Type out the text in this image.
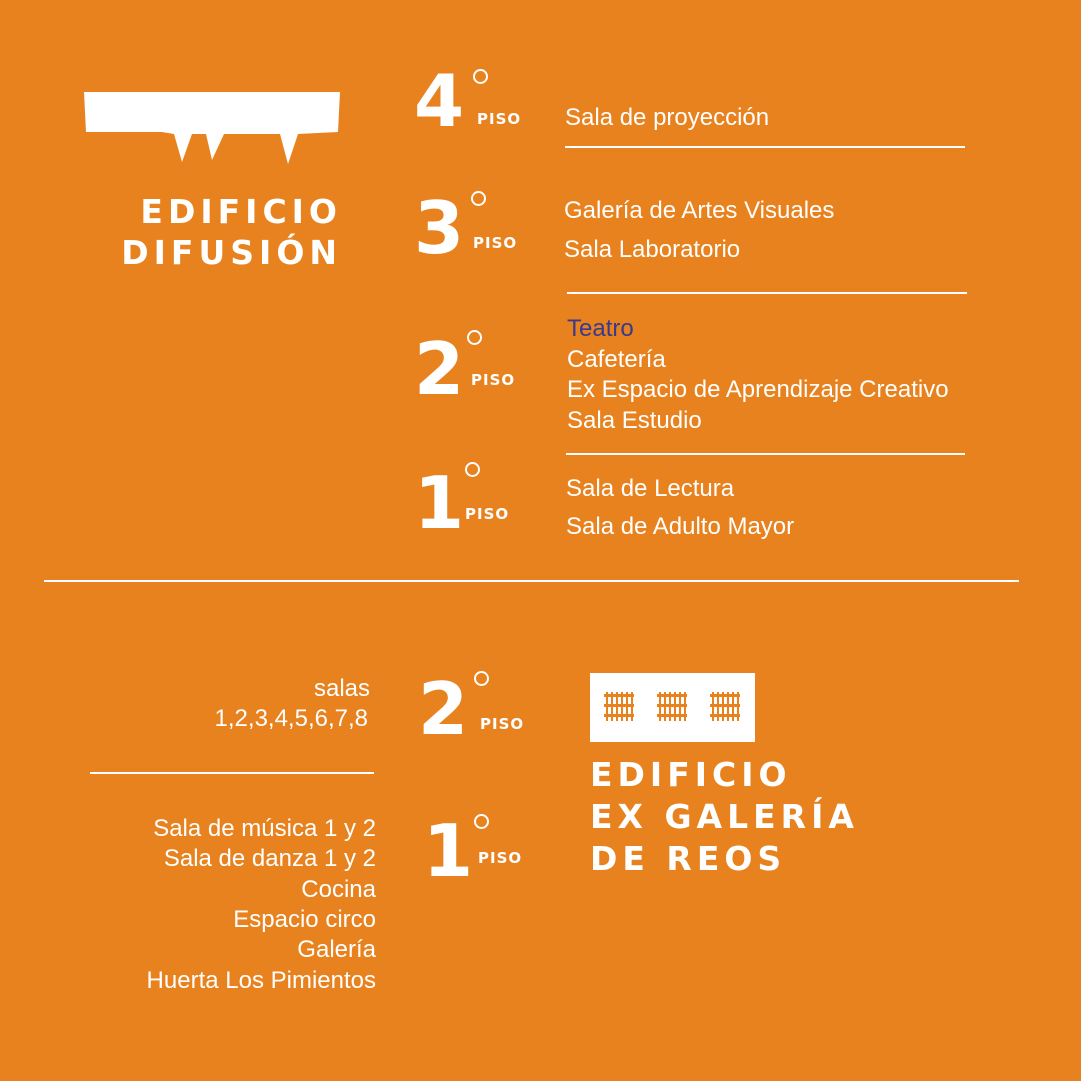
EDIFICIO
DIFUSIÓN
4 PISO Sala de proyección
3 PISO
Galería de Artes Visuales
Sala Laboratorio
2 PISO
Teatro
Cafetería
Ex Espacio de Aprendizaje Creativo
Sala Estudio
1 PISO
Sala de Lectura
Sala de Adulto Mayor
salas
1,2,3,4,5,6,7,8 2 PISO
Sala de música 1 y 2
Sala de danza 1 y 2
Cocina
Espacio circo
Galería
Huerta Los Pimientos
1 PISO
EDIFICIO
EX GALERÍA
DE REOS
